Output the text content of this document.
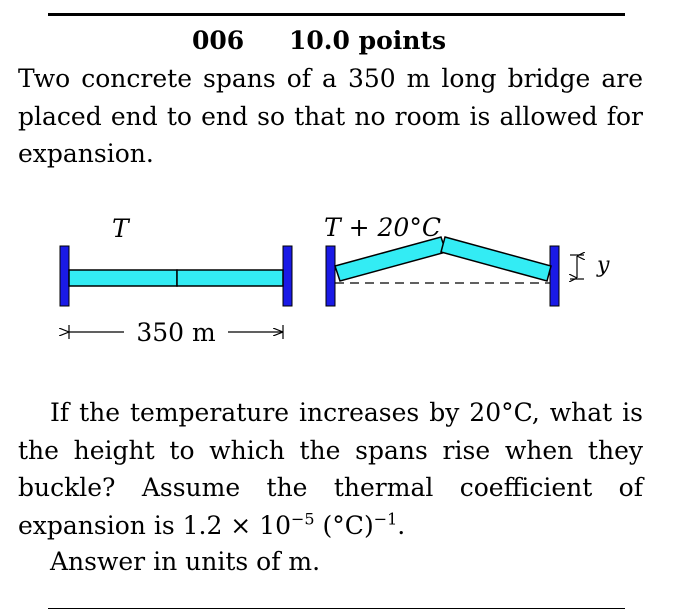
006 10.0 points

Two concrete spans of a 350 m long bridge are placed end to end so that no room is allowed for expansion.

T
350 m
T + 20°C
y

If the temperature increases by 20°C, what is the height to which the spans rise when they buckle? Assume the thermal coefficient of expansion is $1.2 \times 10^{-5}$ $(^\circ C)^{-1}$.

Answer in units of m.
